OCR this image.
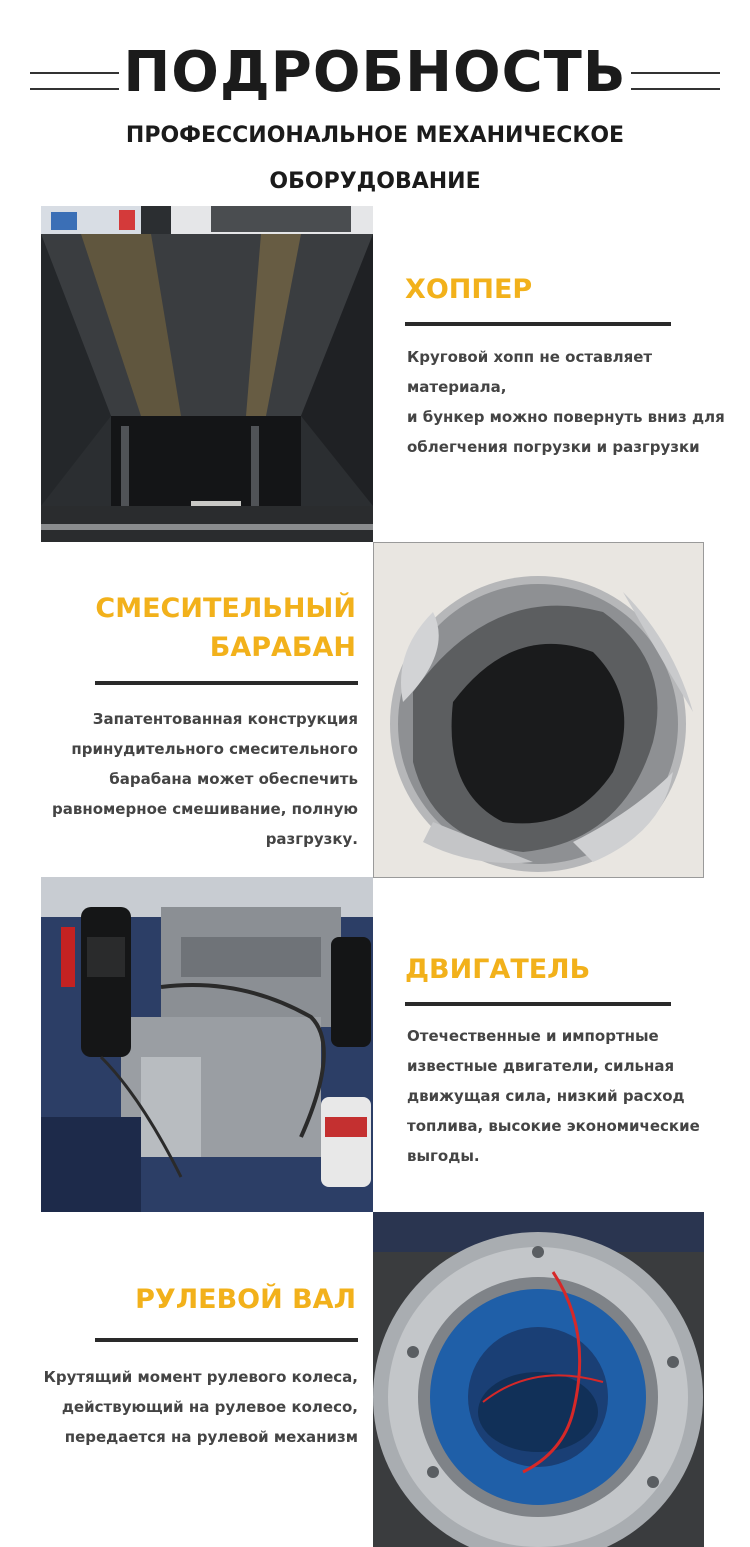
ПОДРОБНОСТЬ
ПРОФЕССИОНАЛЬНОЕ МЕХАНИЧЕСКОЕ
ОБОРУДОВАНИЕ
ХОППЕР
Круговой хопп не оставляет материала,
и бункер можно повернуть вниз для
облегчения погрузки и разгрузки
СМЕСИТЕЛЬНЫЙ
БАРАБАН
Запатентованная конструкция
принудительного смесительного
барабана может обеспечить
равномерное смешивание, полную
разгрузку.
ДВИГАТЕЛЬ
Отечественные и импортные
известные двигатели, сильная
движущая сила, низкий расход
топлива, высокие экономические
выгоды.
РУЛЕВОЙ ВАЛ
Крутящий момент рулевого колеса,
действующий на рулевое колесо,
передается на рулевой механизм
